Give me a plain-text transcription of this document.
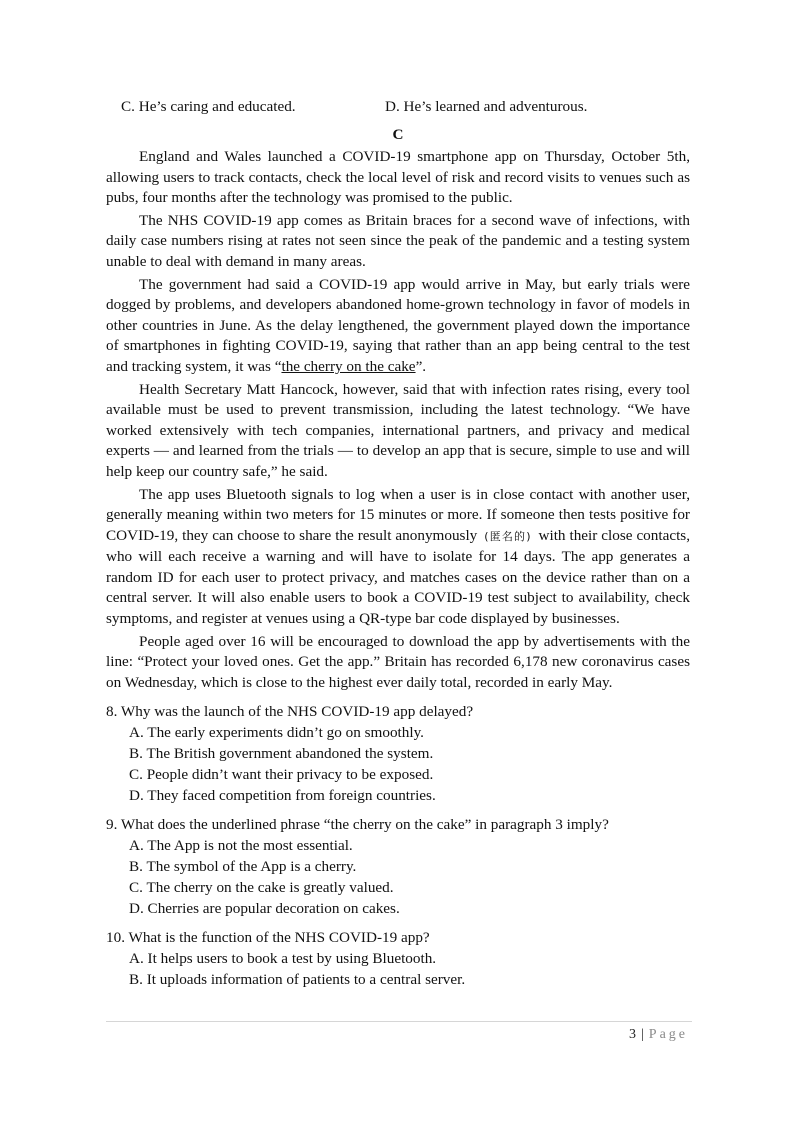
C. He’s caring and educated.	D. He’s learned and adventurous.
C

England and Wales launched a COVID-19 smartphone app on Thursday, October 5th, allowing users to track contacts, check the local level of risk and record visits to venues such as pubs, four months after the technology was promised to the public.

The NHS COVID-19 app comes as Britain braces for a second wave of infections, with daily case numbers rising at rates not seen since the peak of the pandemic and a testing system unable to deal with demand in many areas.

The government had said a COVID-19 app would arrive in May, but early trials were dogged by problems, and developers abandoned home-grown technology in favor of models in other countries in June. As the delay lengthened, the government played down the importance of smartphones in fighting COVID-19, saying that rather than an app being central to the test and tracking system, it was “the cherry on the cake”.

Health Secretary Matt Hancock, however, said that with infection rates rising, every tool available must be used to prevent transmission, including the latest technology. “We have worked extensively with tech companies, international partners, and privacy and medical experts — and learned from the trials — to develop an app that is secure, simple to use and will help keep our country safe,” he said.

The app uses Bluetooth signals to log when a user is in close contact with another user, generally meaning within two meters for 15 minutes or more. If someone then tests positive for COVID-19, they can choose to share the result anonymously (匿名的) with their close contacts, who will each receive a warning and will have to isolate for 14 days. The app generates a random ID for each user to protect privacy, and matches cases on the device rather than on a central server. It will also enable users to book a COVID-19 test subject to availability, check symptoms, and register at venues using a QR-type bar code displayed by businesses.

People aged over 16 will be encouraged to download the app by advertisements with the line: “Protect your loved ones. Get the app.” Britain has recorded 6,178 new coronavirus cases on Wednesday, which is close to the highest ever daily total, recorded in early May.

8. Why was the launch of the NHS COVID-19 app delayed?
A. The early experiments didn’t go on smoothly.
B. The British government abandoned the system.
C. People didn’t want their privacy to be exposed.
D. They faced competition from foreign countries.
9. What does the underlined phrase “the cherry on the cake” in paragraph 3 imply?
A. The App is not the most essential.
B. The symbol of the App is a cherry.
C. The cherry on the cake is greatly valued.
D. Cherries are popular decoration on cakes.
10. What is the function of the NHS COVID-19 app?
A. It helps users to book a test by using Bluetooth.
B. It uploads information of patients to a central server.
3 | Page
